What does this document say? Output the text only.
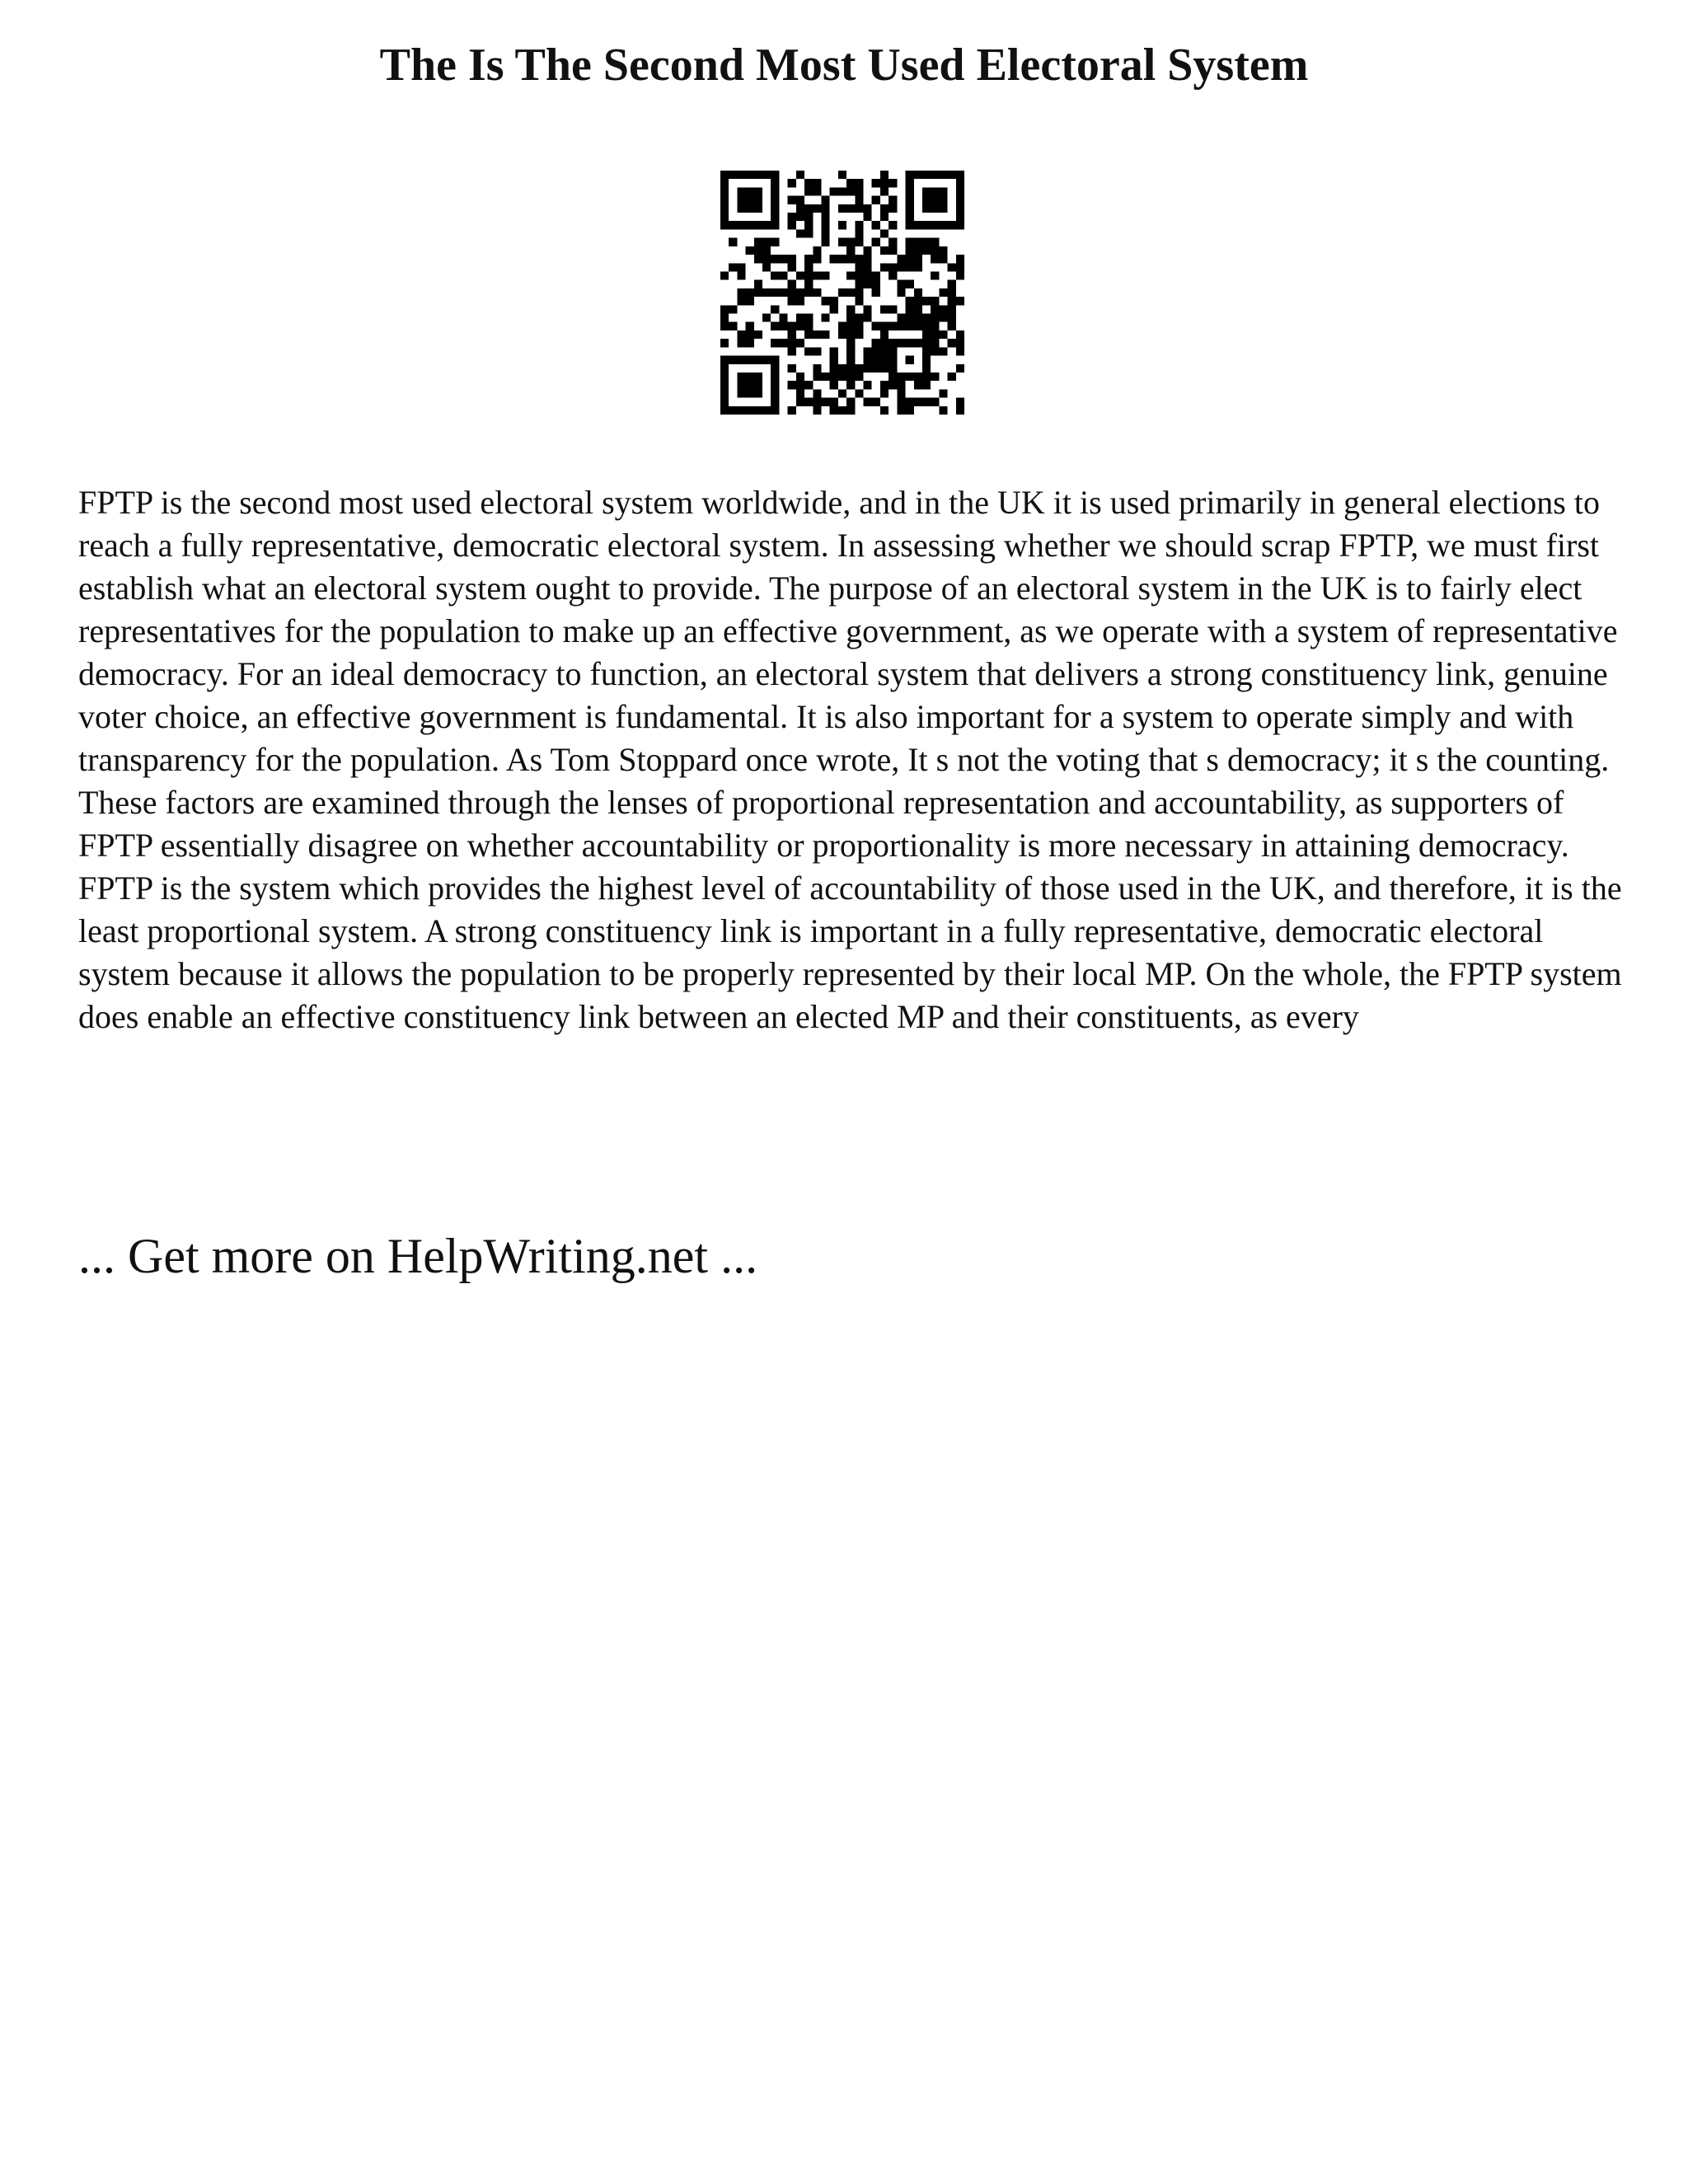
The Is The Second Most Used Electoral System

FPTP is the second most used electoral system worldwide, and in the UK it is used primarily in general elections to reach a fully representative, democratic electoral system. In assessing whether we should scrap FPTP, we must first establish what an electoral system ought to provide. The purpose of an electoral system in the UK is to fairly elect representatives for the population to make up an effective government, as we operate with a system of representative democracy. For an ideal democracy to function, an electoral system that delivers a strong constituency link, genuine voter choice, an effective government is fundamental. It is also important for a system to operate simply and with transparency for the population. As Tom Stoppard once wrote, It s not the voting that s democracy; it s the counting.

These factors are examined through the lenses of proportional representation and accountability, as supporters of FPTP essentially disagree on whether accountability or proportionality is more necessary in attaining democracy. FPTP is the system which provides the highest level of accountability of those used in the UK, and therefore, it is the least proportional system. A strong constituency link is important in a fully representative, democratic electoral system because it allows the population to be properly represented by their local MP. On the whole, the FPTP system does enable an effective constituency link between an elected MP and their constituents, as every

... Get more on HelpWriting.net ...
